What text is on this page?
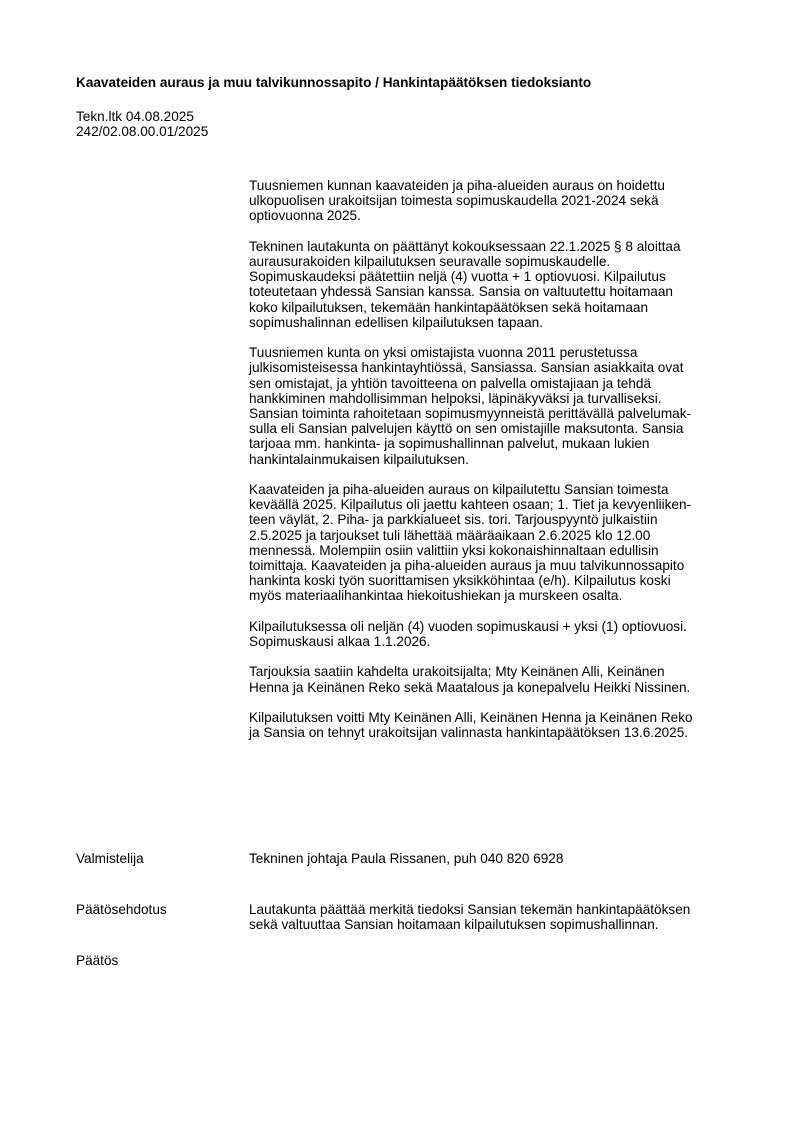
Kaavateiden auraus ja muu talvikunnossapito / Hankintapäätöksen tiedoksianto
Tekn.ltk 04.08.2025
242/02.08.00.01/2025
Tuusniemen kunnan kaavateiden ja piha-alueiden auraus on hoidettu
ulkopuolisen urakoitsijan toimesta sopimuskaudella 2021-2024 sekä
optiovuonna 2025.
Tekninen lautakunta on päättänyt kokouksessaan 22.1.2025 § 8 aloittaa
aurausurakoiden kilpailutuksen seuravalle sopimuskaudelle.
Sopimuskaudeksi päätettiin neljä (4) vuotta + 1 optiovuosi. Kilpailutus
toteutetaan yhdessä Sansian kanssa. Sansia on valtuutettu hoitamaan
koko kilpailutuksen, tekemään hankintapäätöksen sekä hoitamaan
sopimushalinnan edellisen kilpailutuksen tapaan.
Tuusniemen kunta on yksi omistajista vuonna 2011 perustetussa
julkisomisteisessa hankintayhtiössä, Sansiassa. Sansian asiakkaita ovat
sen omistajat, ja yhtiön tavoitteena on palvella omistajiaan ja tehdä
hankkiminen mahdollisimman helpoksi, läpinäkyväksi ja turvalliseksi.
Sansian toiminta rahoitetaan sopimusmyynneistä perittävällä palvelumak-
sulla eli Sansian palvelujen käyttö on sen omistajille maksutonta. Sansia
tarjoaa mm. hankinta- ja sopimushallinnan palvelut, mukaan lukien
hankintalainmukaisen kilpailutuksen.
Kaavateiden ja piha-alueiden auraus on kilpailutettu Sansian toimesta
keväällä 2025. Kilpailutus oli jaettu kahteen osaan; 1. Tiet ja kevyenliiken-
teen väylät, 2. Piha- ja parkkialueet sis. tori. Tarjouspyyntö julkaistiin
2.5.2025 ja tarjoukset tuli lähettää määräaikaan 2.6.2025 klo 12.00
mennessä. Molempiin osiin valittiin yksi kokonaishinnaltaan edullisin
toimittaja. Kaavateiden ja piha-alueiden auraus ja muu talvikunnossapito
hankinta koski työn suorittamisen yksikköhintaa (e/h). Kilpailutus koski
myös materiaalihankintaa hiekoitushiekan ja murskeen osalta.
Kilpailutuksessa oli neljän (4) vuoden sopimuskausi + yksi (1) optiovuosi.
Sopimuskausi alkaa 1.1.2026.
Tarjouksia saatiin kahdelta urakoitsijalta; Mty Keinänen Alli, Keinänen
Henna ja Keinänen Reko sekä Maatalous ja konepalvelu Heikki Nissinen.
Kilpailutuksen voitti Mty Keinänen Alli, Keinänen Henna ja Keinänen Reko
ja Sansia on tehnyt urakoitsijan valinnasta hankintapäätöksen 13.6.2025.
Valmistelija	Tekninen johtaja Paula Rissanen, puh 040 820 6928
Päätösehdotus	Lautakunta päättää merkitä tiedoksi Sansian tekemän hankintapäätöksen
sekä valtuuttaa Sansian hoitamaan kilpailutuksen sopimushallinnan.
Päätös
